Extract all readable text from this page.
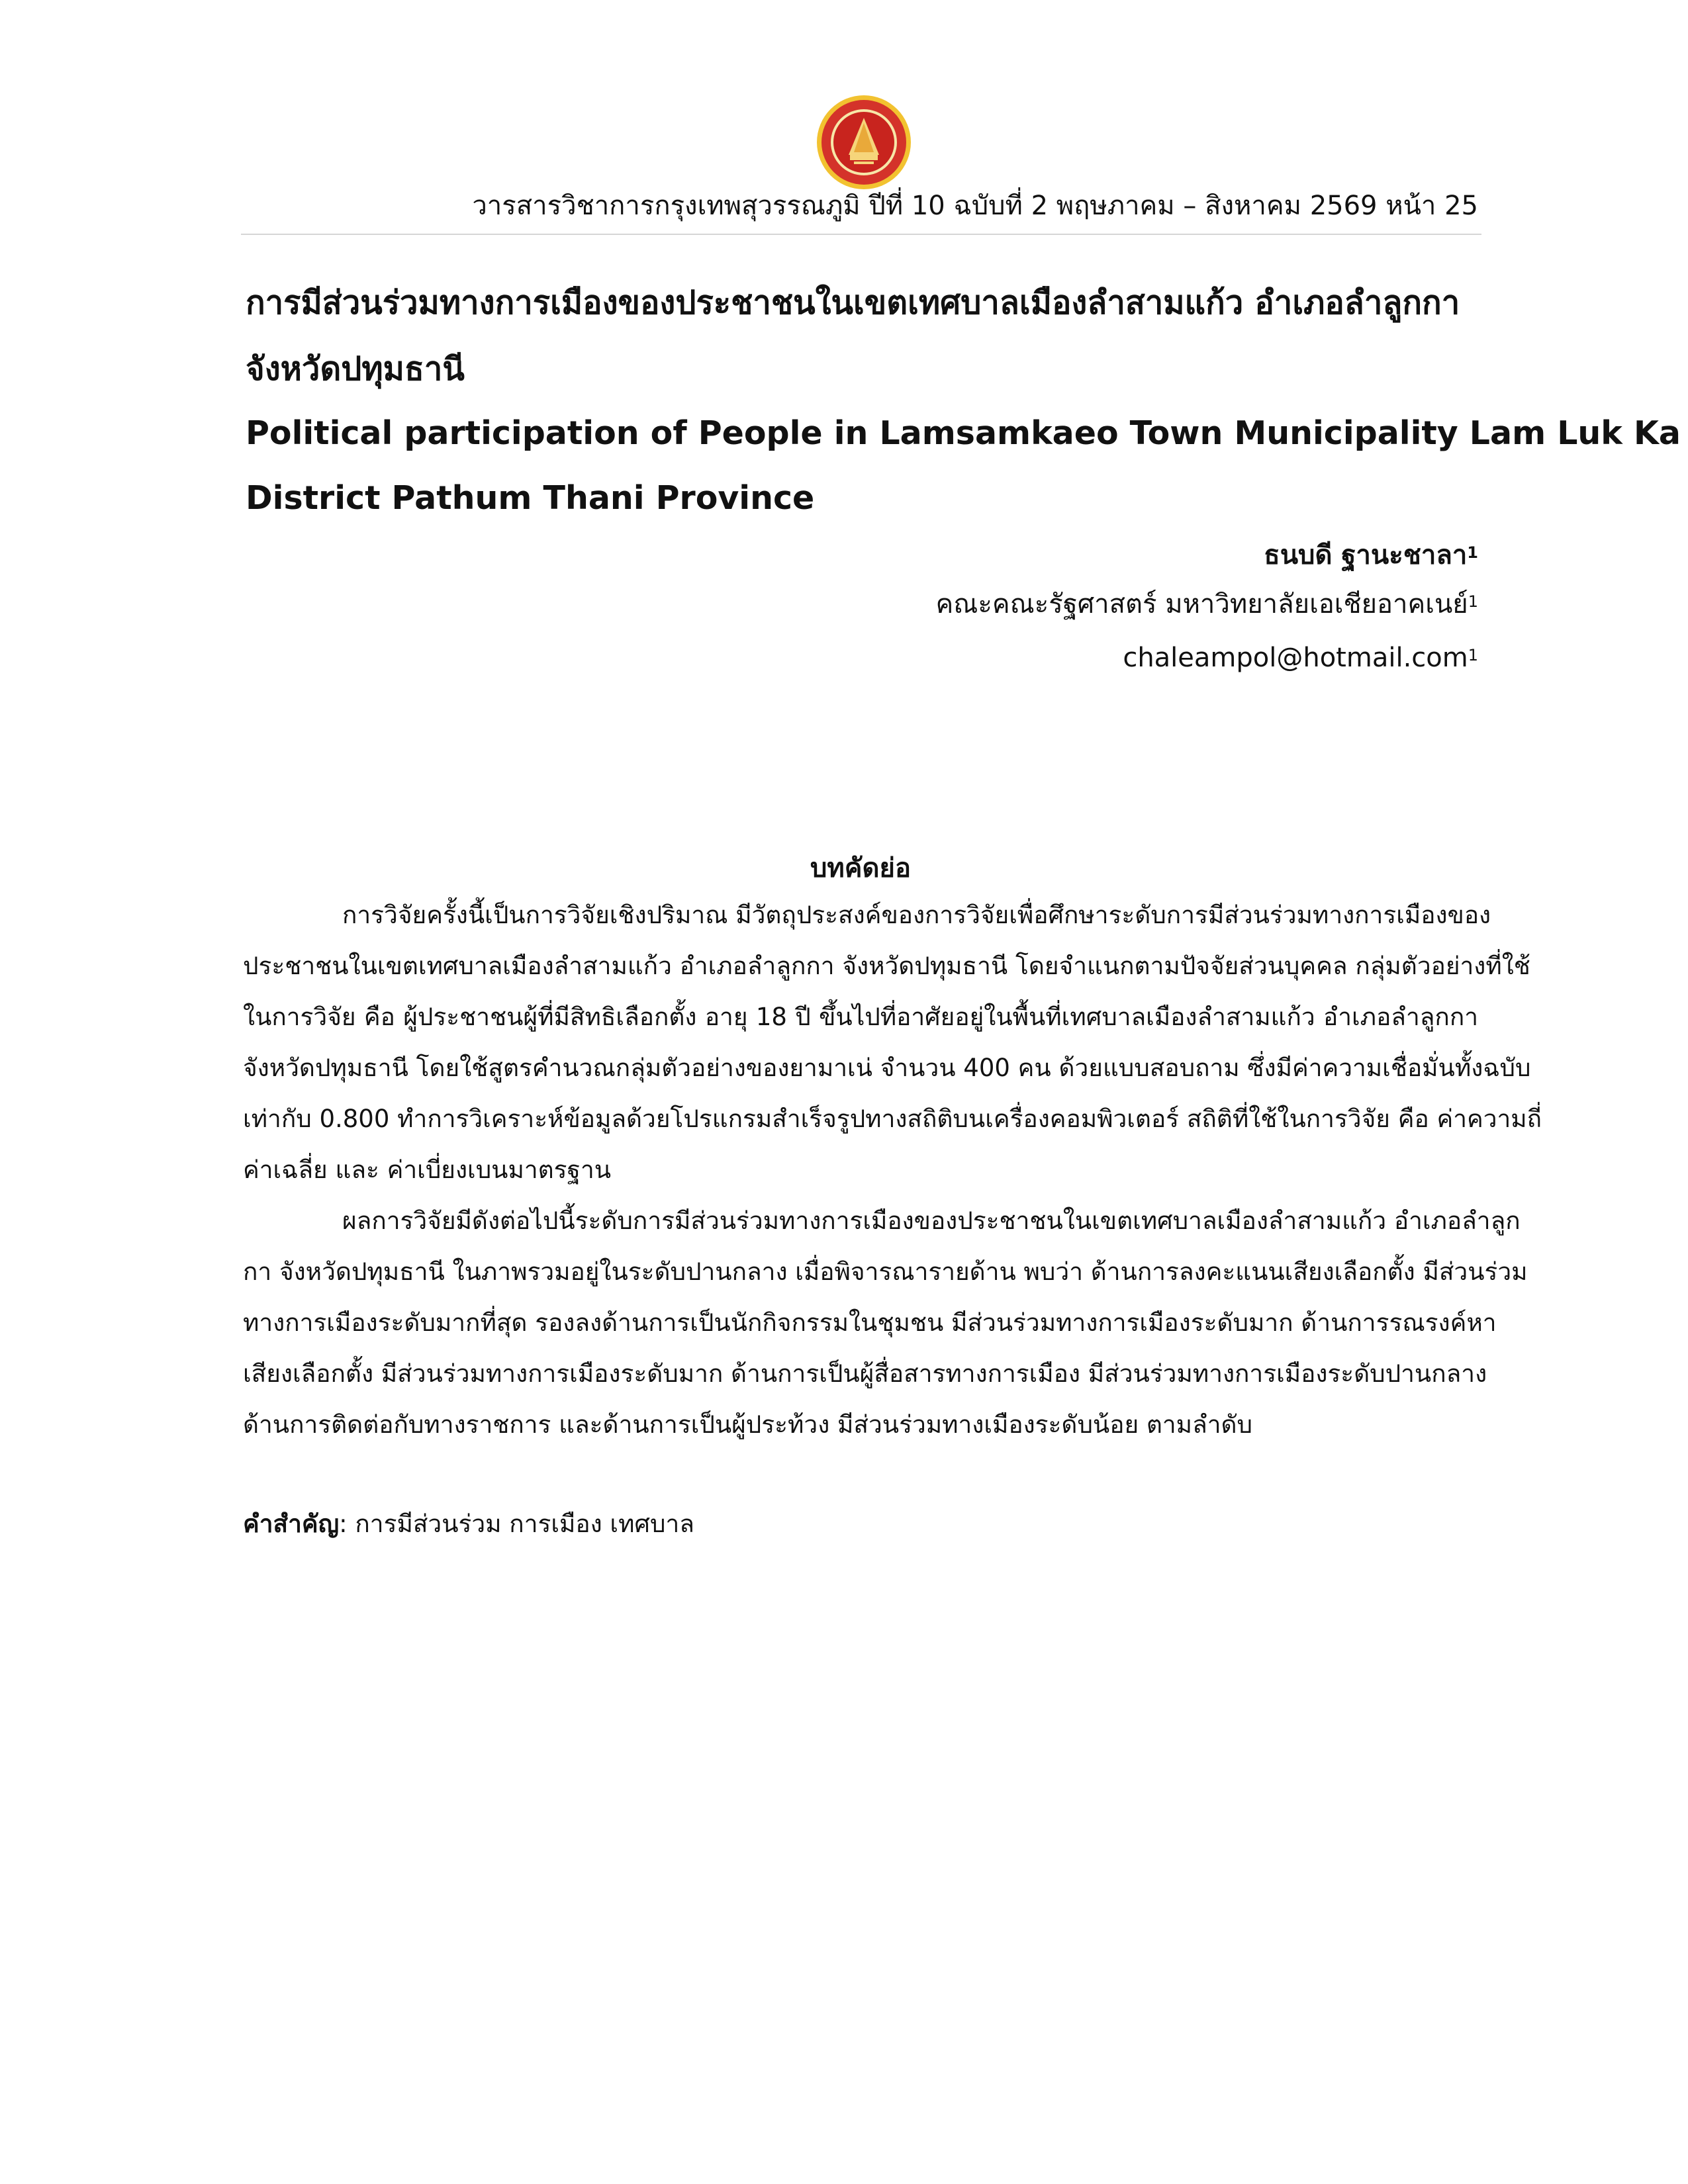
วารสารวิชาการกรุงเทพสุวรรณภูมิ ปีที่ 10 ฉบับที่ 2 พฤษภาคม – สิงหาคม 2569 หน้า 25
การมีส่วนร่วมทางการเมืองของประชาชนในเขตเทศบาลเมืองลำสามแก้ว อำเภอลำลูกกา
จังหวัดปทุมธานี
Political participation of People in Lamsamkaeo Town Municipality Lam Luk Ka
District Pathum Thani Province
ธนบดี ฐานะชาลา$^1$
คณะคณะรัฐศาสตร์ มหาวิทยาลัยเอเชียอาคเนย์$^1$
chaleampol@hotmail.com$^1$
บทคัดย่อ
การวิจัยครั้งนี้เป็นการวิจัยเชิงปริมาณ มีวัตถุประสงค์ของการวิจัยเพื่อศึกษาระดับการมีส่วนร่วมทางการเมืองของ
ประชาชนในเขตเทศบาลเมืองลำสามแก้ว อำเภอลำลูกกา จังหวัดปทุมธานี โดยจำแนกตามปัจจัยส่วนบุคคล กลุ่มตัวอย่างที่ใช้
ในการวิจัย คือ ผู้ประชาชนผู้ที่มีสิทธิเลือกตั้ง อายุ 18 ปี ขึ้นไปที่อาศัยอยู่ในพื้นที่เทศบาลเมืองลำสามแก้ว อำเภอลำลูกกา
จังหวัดปทุมธานี โดยใช้สูตรคำนวณกลุ่มตัวอย่างของยามาเน่ จำนวน 400 คน ด้วยแบบสอบถาม ซึ่งมีค่าความเชื่อมั่นทั้งฉบับ
เท่ากับ 0.800 ทำการวิเคราะห์ข้อมูลด้วยโปรแกรมสำเร็จรูปทางสถิติบนเครื่องคอมพิวเตอร์ สถิติที่ใช้ในการวิจัย คือ ค่าความถี่
ค่าเฉลี่ย และ ค่าเบี่ยงเบนมาตรฐาน
ผลการวิจัยมีดังต่อไปนี้ระดับการมีส่วนร่วมทางการเมืองของประชาชนในเขตเทศบาลเมืองลำสามแก้ว อำเภอลำลูก
กา จังหวัดปทุมธานี ในภาพรวมอยู่ในระดับปานกลาง เมื่อพิจารณารายด้าน พบว่า ด้านการลงคะแนนเสียงเลือกตั้ง มีส่วนร่วม
ทางการเมืองระดับมากที่สุด รองลงด้านการเป็นนักกิจกรรมในชุมชน มีส่วนร่วมทางการเมืองระดับมาก ด้านการรณรงค์หา
เสียงเลือกตั้ง มีส่วนร่วมทางการเมืองระดับมาก ด้านการเป็นผู้สื่อสารทางการเมือง มีส่วนร่วมทางการเมืองระดับปานกลาง
ด้านการติดต่อกับทางราชการ และด้านการเป็นผู้ประท้วง มีส่วนร่วมทางเมืองระดับน้อย ตามลำดับ
คำสำคัญ: การมีส่วนร่วม การเมือง เทศบาล
